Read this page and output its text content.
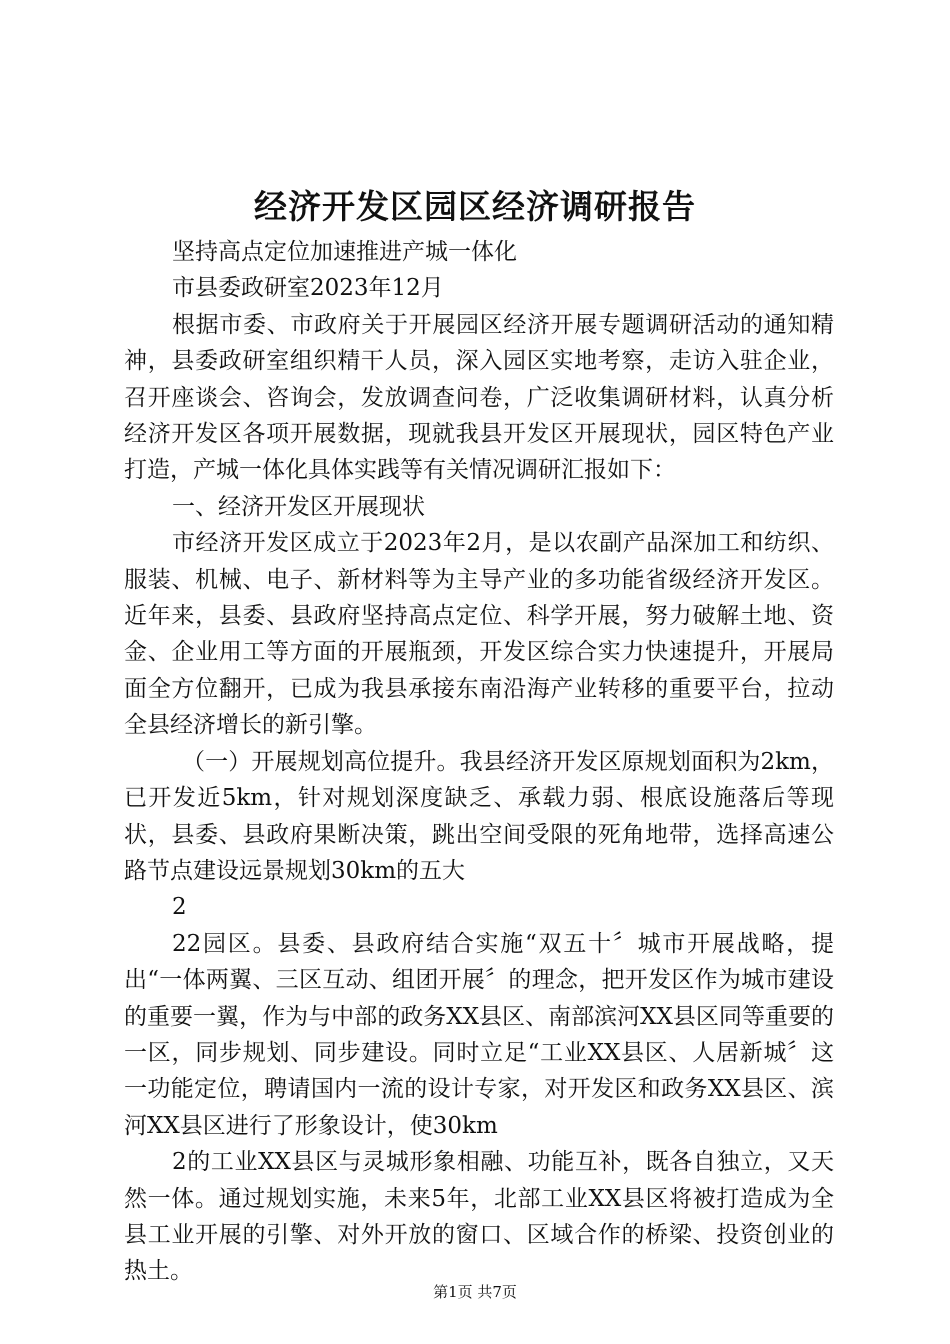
经济开发区园区经济调研报告

坚持高点定位加速推进产城一体化

市县委政研室2023年12月

根据市委、市政府关于开展园区经济开展专题调研活动的通知精神，县委政研室组织精干人员，深入园区实地考察，走访入驻企业，召开座谈会、咨询会，发放调查问卷，广泛收集调研材料，认真分析经济开发区各项开展数据，现就我县开发区开展现状，园区特色产业打造，产城一体化具体实践等有关情况调研汇报如下：

一、经济开发区开展现状

市经济开发区成立于2023年2月，是以农副产品深加工和纺织、服装、机械、电子、新材料等为主导产业的多功能省级经济开发区。近年来，县委、县政府坚持高点定位、科学开展，努力破解土地、资金、企业用工等方面的开展瓶颈，开发区综合实力快速提升，开展局面全方位翻开，已成为我县承接东南沿海产业转移的重要平台，拉动全县经济增长的新引擎。

（一）开展规划高位提升。我县经济开发区原规划面积为2km，已开发近5km，针对规划深度缺乏、承载力弱、根底设施落后等现状，县委、县政府果断决策，跳出空间受限的死角地带，选择高速公路节点建设远景规划30km的五大

2

22园区。县委、县政府结合实施“双五十〞城市开展战略，提出“一体两翼、三区互动、组团开展〞的理念，把开发区作为城市建设的重要一翼，作为与中部的政务XX县区、南部滨河XX县区同等重要的一区，同步规划、同步建设。同时立足“工业XX县区、人居新城〞这一功能定位，聘请国内一流的设计专家，对开发区和政务XX县区、滨河XX县区进行了形象设计，使30km

2的工业XX县区与灵城形象相融、功能互补，既各自独立，又天然一体。通过规划实施，未来5年，北部工业XX县区将被打造成为全县工业开展的引擎、对外开放的窗口、区域合作的桥梁、投资创业的热土。

第1页 共7页
